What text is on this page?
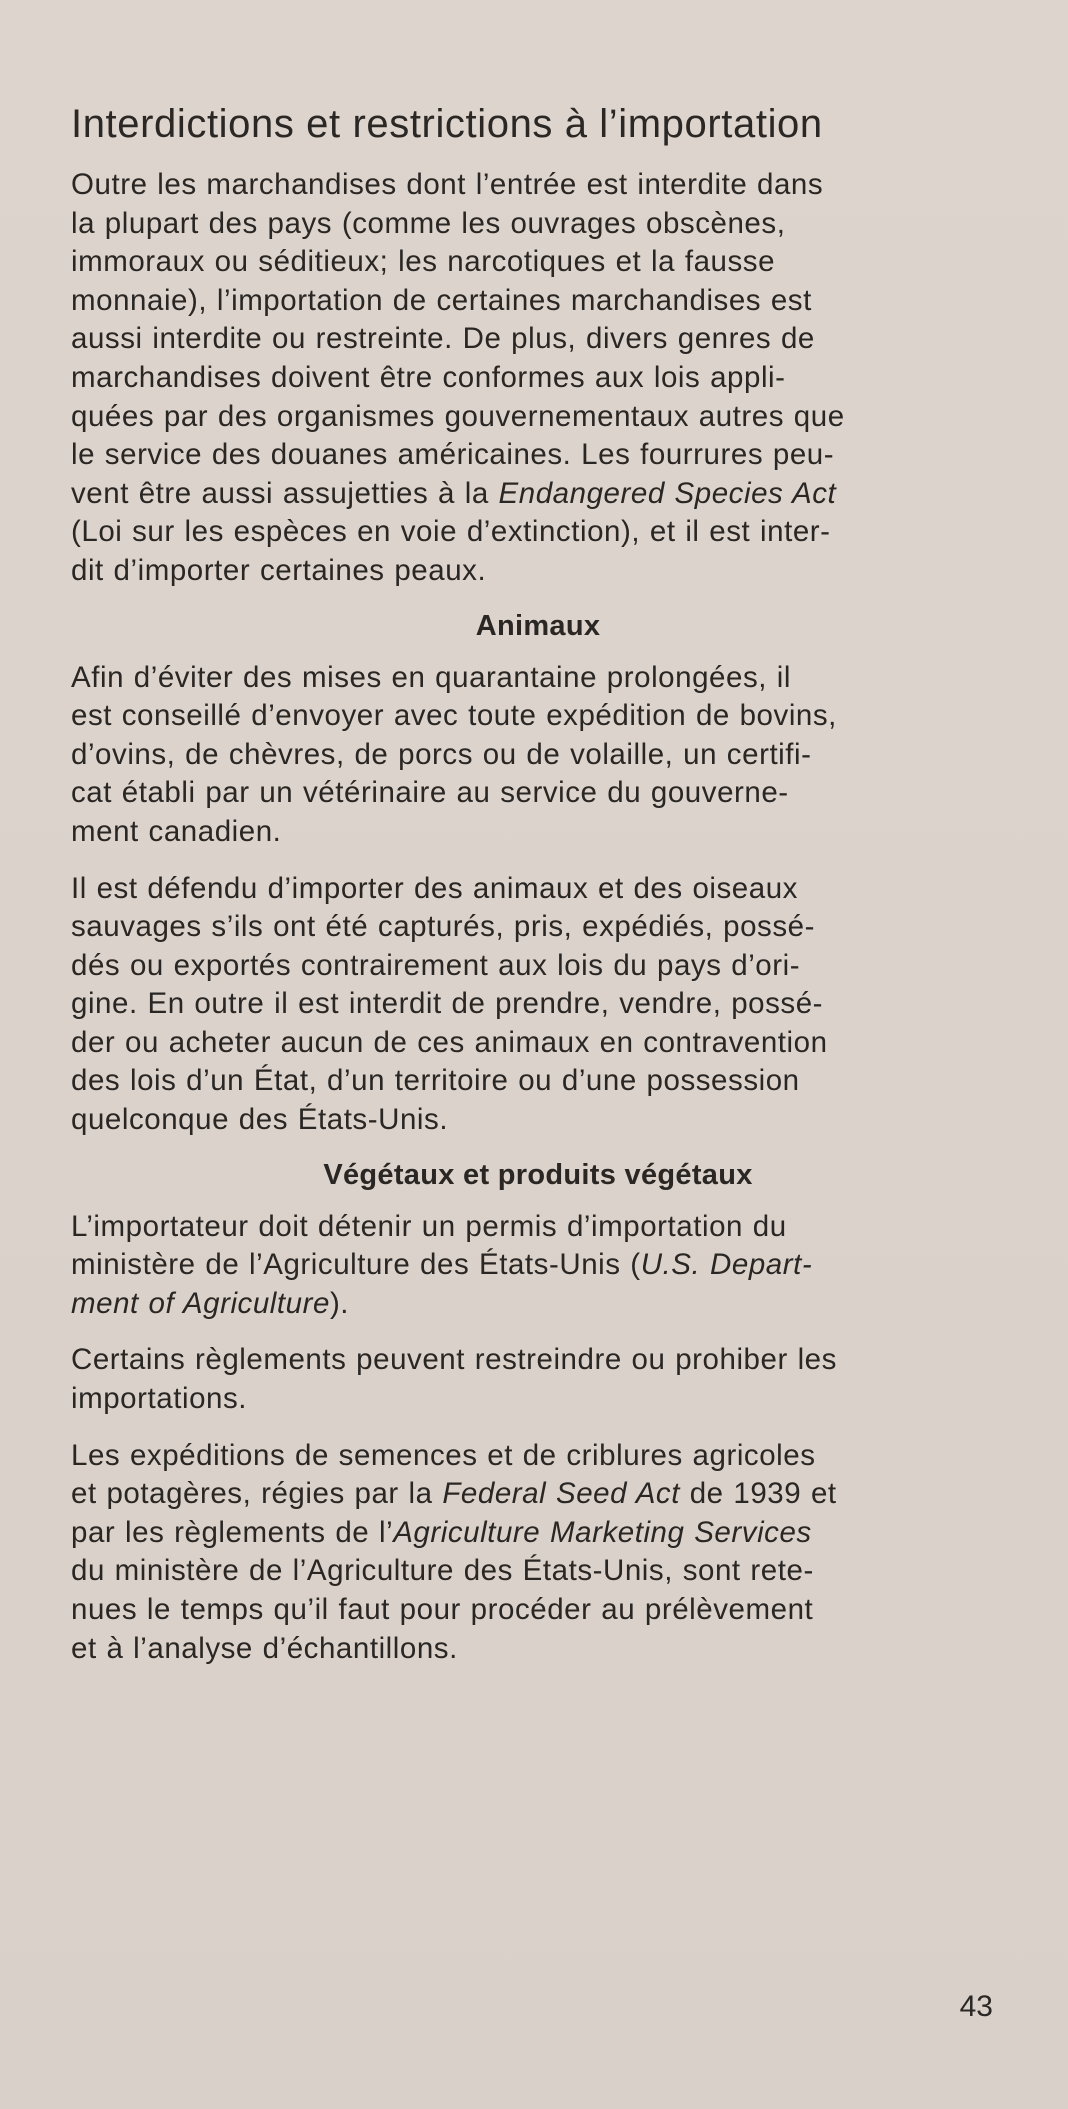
Interdictions et restrictions à l’importation

Outre les marchandises dont l’entrée est interdite dans
la plupart des pays (comme les ouvrages obscènes,
immoraux ou séditieux; les narcotiques et la fausse
monnaie), l’importation de certaines marchandises est
aussi interdite ou restreinte. De plus, divers genres de
marchandises doivent être conformes aux lois appli-
quées par des organismes gouvernementaux autres que
le service des douanes américaines. Les fourrures peu-
vent être aussi assujetties à la Endangered Species Act
(Loi sur les espèces en voie d’extinction), et il est inter-
dit d’importer certaines peaux.

Animaux

Afin d’éviter des mises en quarantaine prolongées, il
est conseillé d’envoyer avec toute expédition de bovins,
d’ovins, de chèvres, de porcs ou de volaille, un certifi-
cat établi par un vétérinaire au service du gouverne-
ment canadien.

Il est défendu d’importer des animaux et des oiseaux
sauvages s’ils ont été capturés, pris, expédiés, possé-
dés ou exportés contrairement aux lois du pays d’ori-
gine. En outre il est interdit de prendre, vendre, possé-
der ou acheter aucun de ces animaux en contravention
des lois d’un État, d’un territoire ou d’une possession
quelconque des États-Unis.

Végétaux et produits végétaux

L’importateur doit détenir un permis d’importation du
ministère de l’Agriculture des États-Unis (U.S. Depart-
ment of Agriculture).

Certains règlements peuvent restreindre ou prohiber les
importations.

Les expéditions de semences et de criblures agricoles
et potagères, régies par la Federal Seed Act de 1939 et
par les règlements de l’Agriculture Marketing Services
du ministère de l’Agriculture des États-Unis, sont rete-
nues le temps qu’il faut pour procéder au prélèvement
et à l’analyse d’échantillons.

43
